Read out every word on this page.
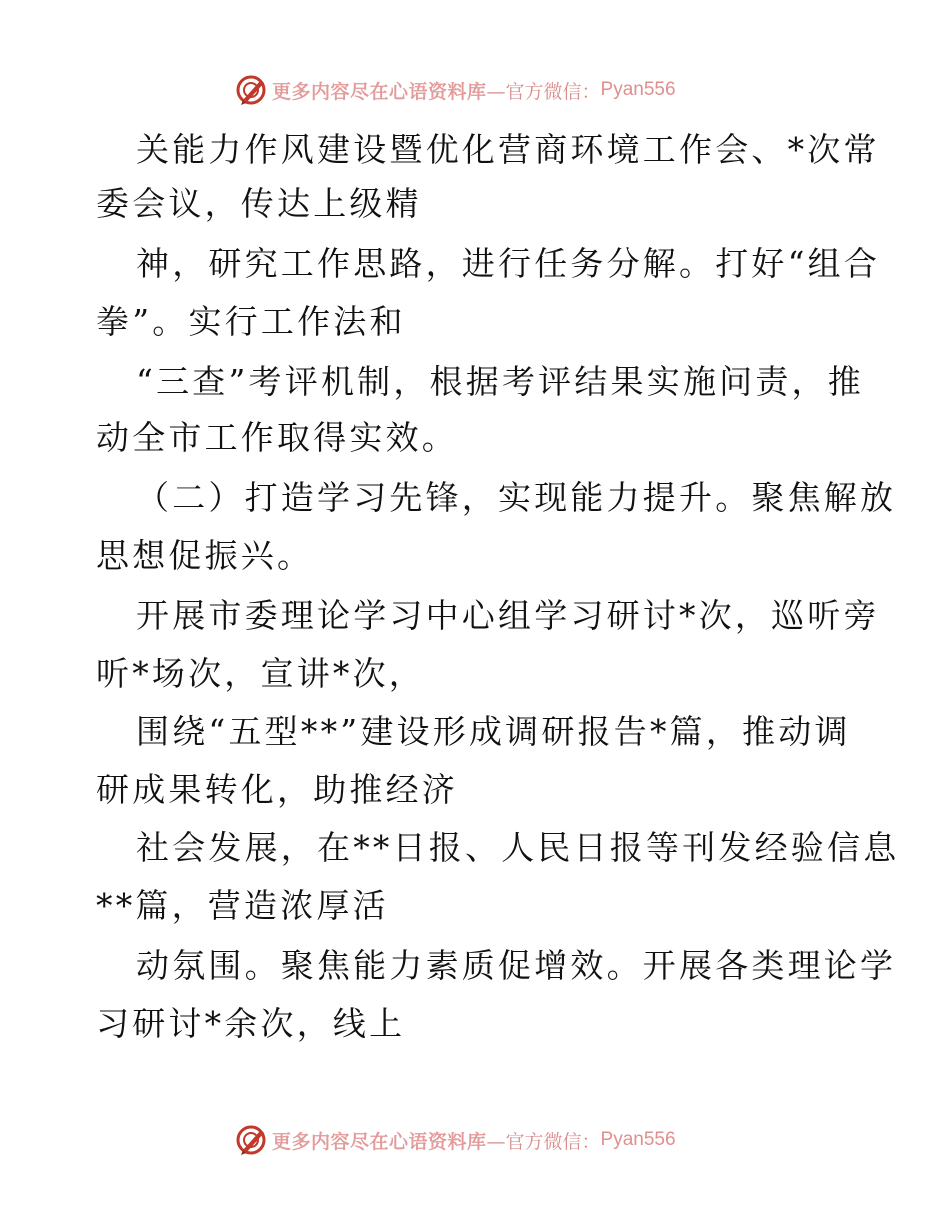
更多内容尽在心语资料库 —官方微信： Pyan556
关能力作风建设暨优化营商环境工作会、*次常
委会议，传达上级精
神，研究工作思路，进行任务分解。打好“组合
拳”。实行工作法和
“三查”考评机制，根据考评结果实施问责，推
动全市工作取得实效。
（二）打造学习先锋，实现能力提升。聚焦解放
思想促振兴。
开展市委理论学习中心组学习研讨*次，巡听旁
听*场次，宣讲*次，
围绕“五型**”建设形成调研报告*篇，推动调
研成果转化，助推经济
社会发展，在**日报、人民日报等刊发经验信息
**篇，营造浓厚活
动氛围。聚焦能力素质促增效。开展各类理论学
习研讨*余次，线上
更多内容尽在心语资料库 —官方微信： Pyan556
